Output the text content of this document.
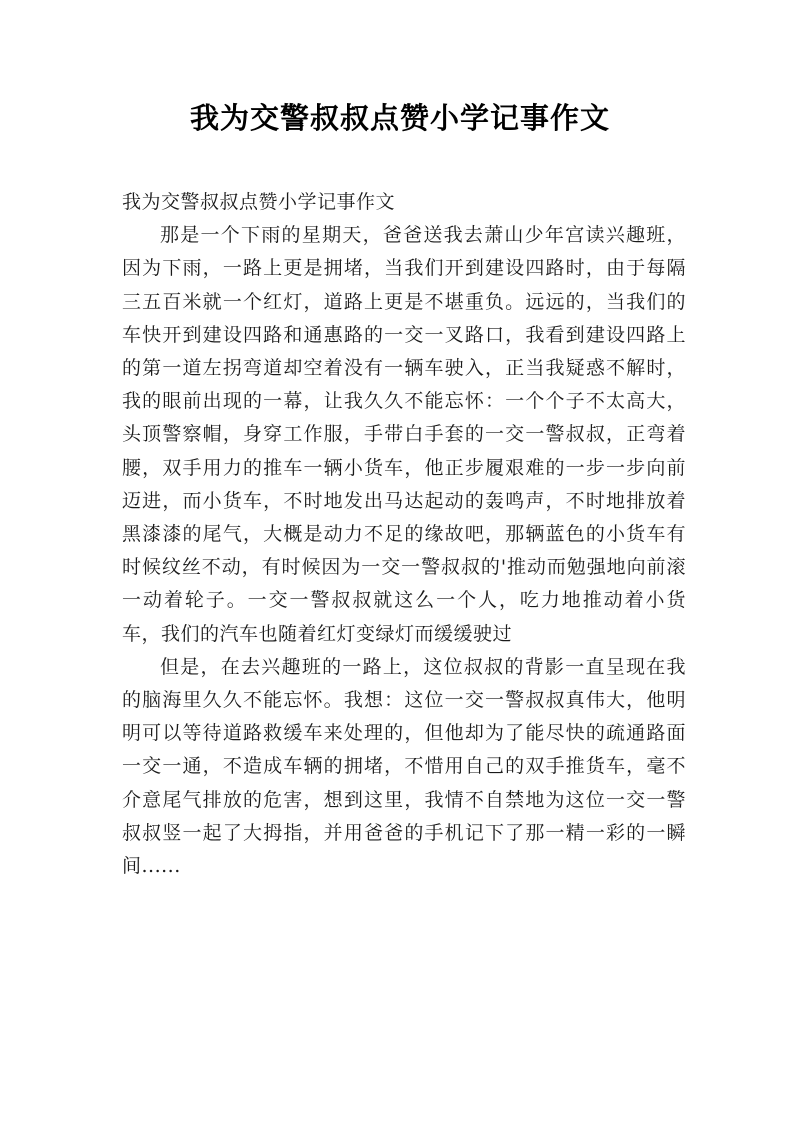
我为交警叔叔点赞小学记事作文

我为交警叔叔点赞小学记事作文

那是一个下雨的星期天，爸爸送我去萧山少年宫读兴趣班，因为下雨，一路上更是拥堵，当我们开到建设四路时，由于每隔三五百米就一个红灯，道路上更是不堪重负。远远的，当我们的车快开到建设四路和通惠路的一交一叉路口，我看到建设四路上的第一道左拐弯道却空着没有一辆车驶入，正当我疑惑不解时，我的眼前出现的一幕，让我久久不能忘怀：一个个子不太高大，头顶警察帽，身穿工作服，手带白手套的一交一警叔叔，正弯着腰，双手用力的推车一辆小货车，他正步履艰难的一步一步向前迈进，而小货车，不时地发出马达起动的轰鸣声，不时地排放着黑漆漆的尾气，大概是动力不足的缘故吧，那辆蓝色的小货车有时候纹丝不动，有时候因为一交一警叔叔的'推动而勉强地向前滚一动着轮子。一交一警叔叔就这么一个人，吃力地推动着小货车，我们的汽车也随着红灯变绿灯而缓缓驶过

但是，在去兴趣班的一路上，这位叔叔的背影一直呈现在我的脑海里久久不能忘怀。我想：这位一交一警叔叔真伟大，他明明可以等待道路救缓车来处理的，但他却为了能尽快的疏通路面一交一通，不造成车辆的拥堵，不惜用自己的双手推货车，毫不介意尾气排放的危害，想到这里，我情不自禁地为这位一交一警叔叔竖一起了大拇指，并用爸爸的手机记下了那一精一彩的一瞬间......
